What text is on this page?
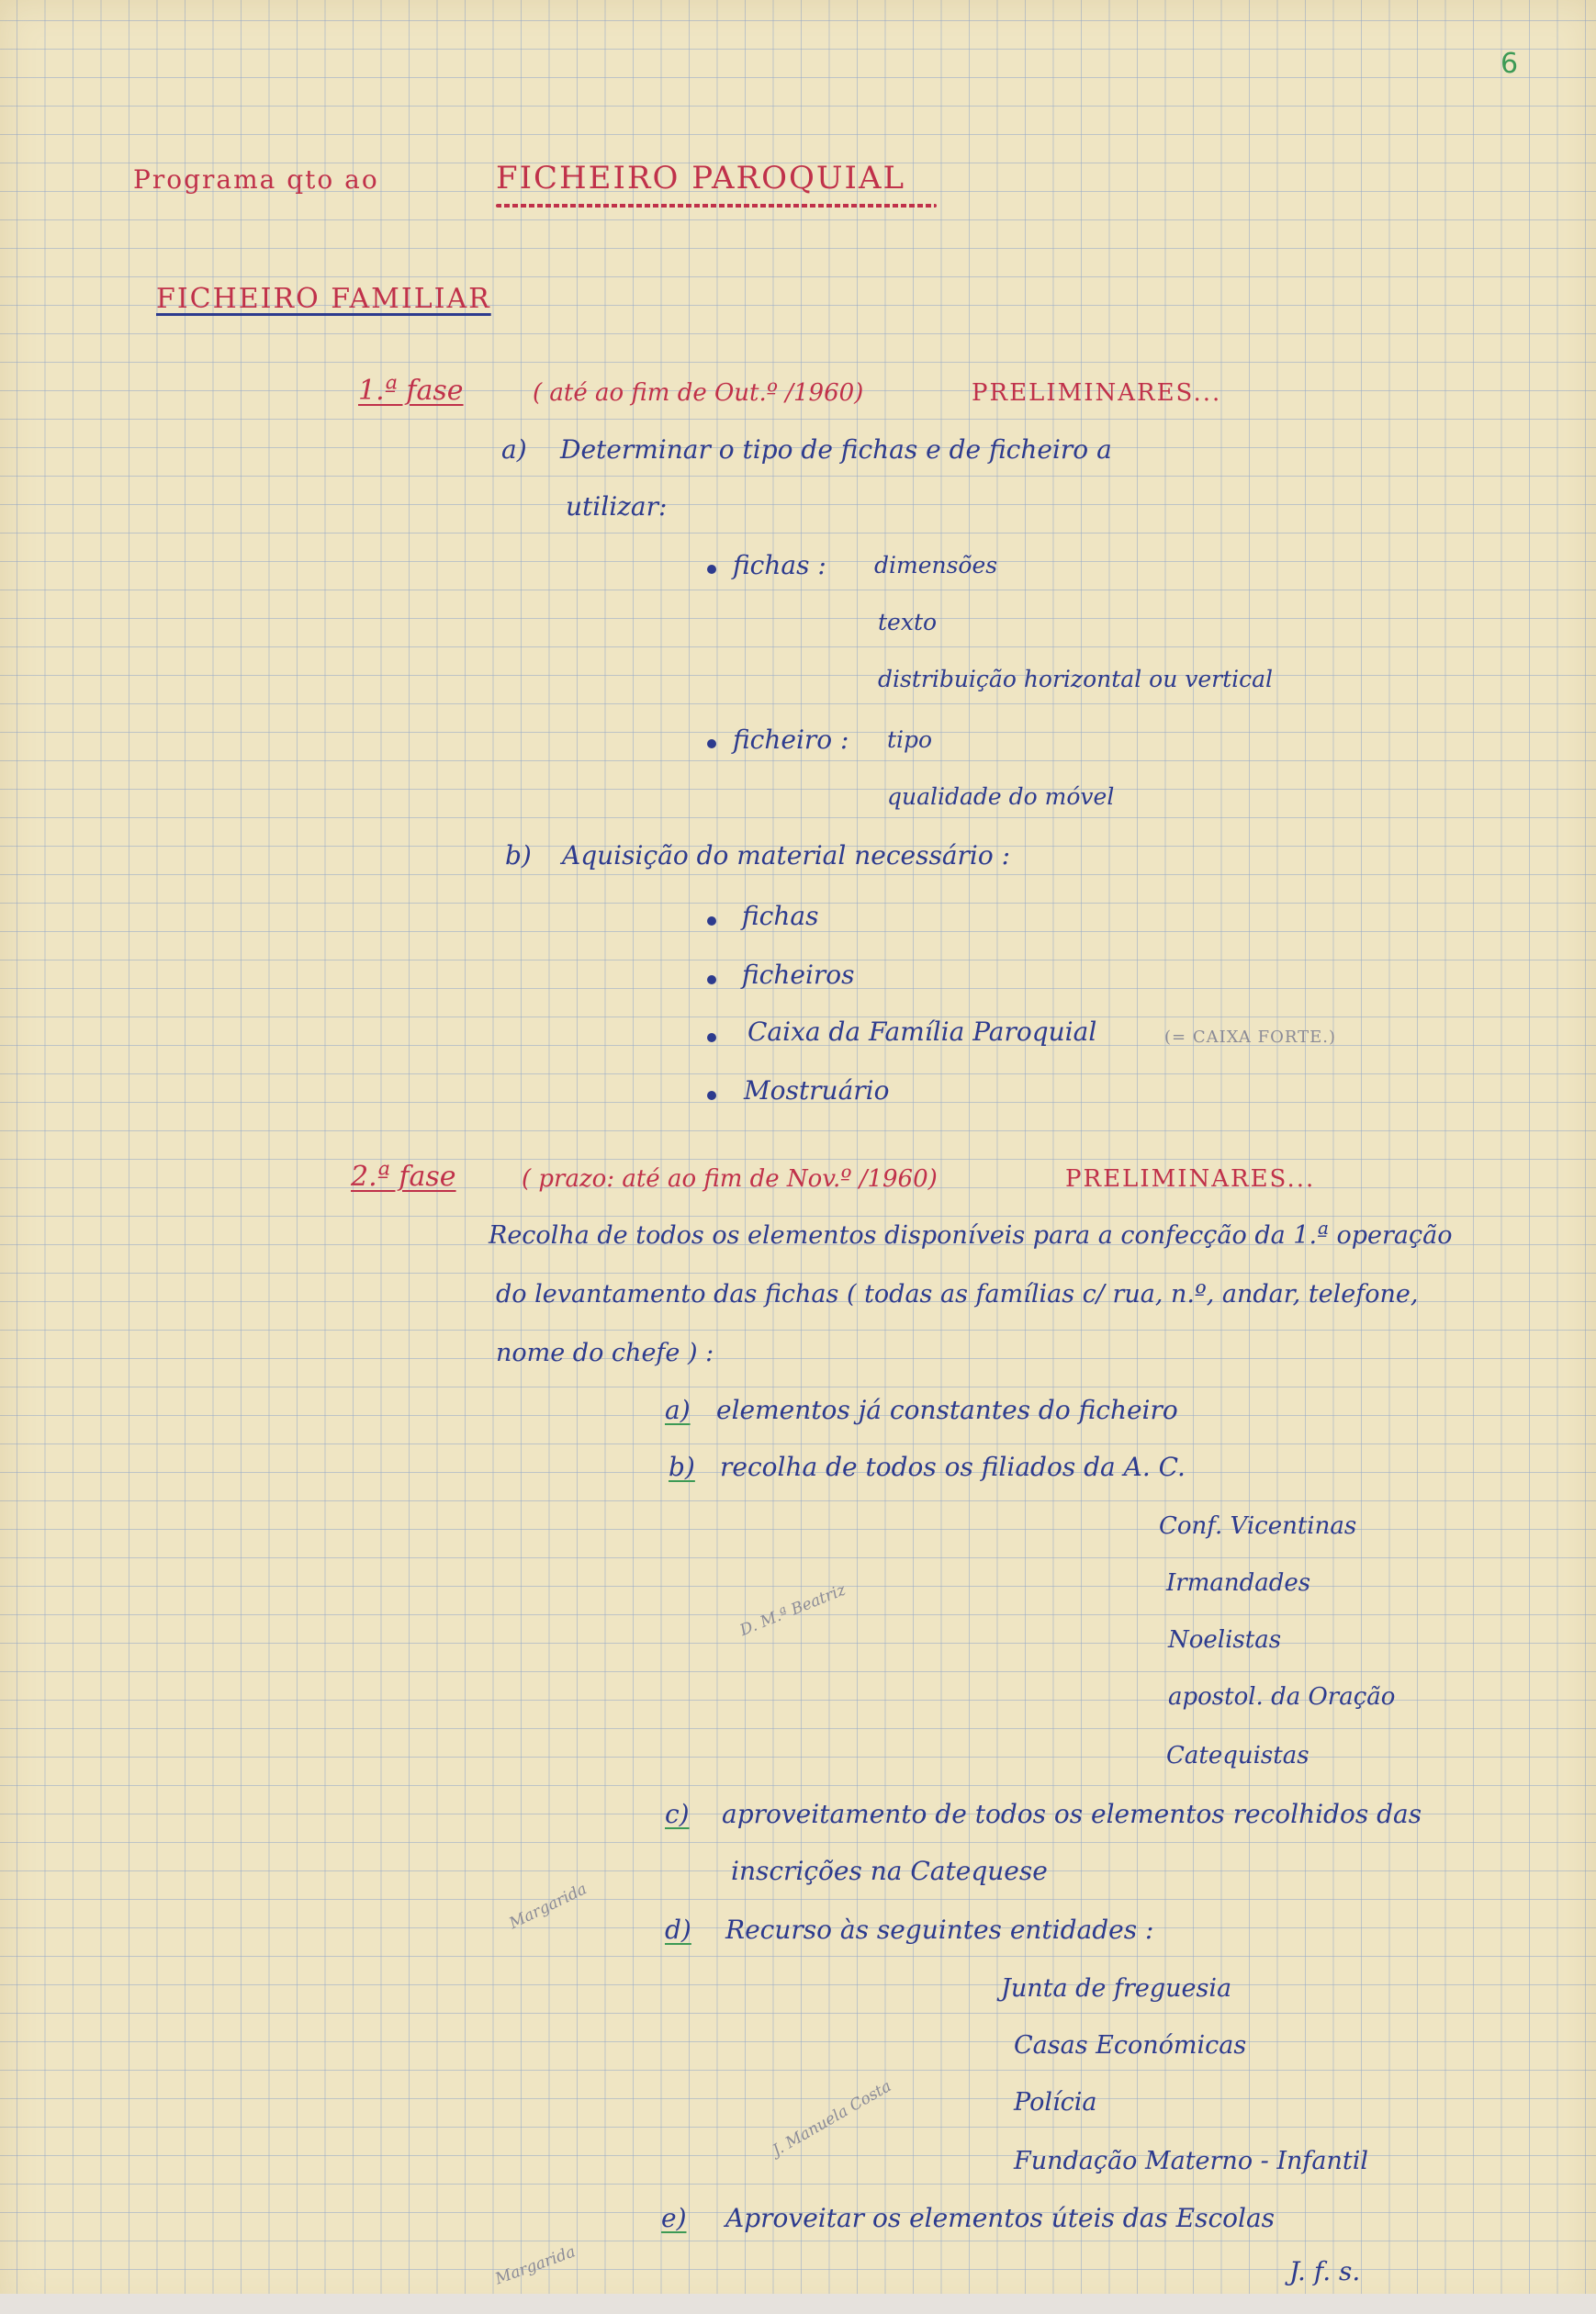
6
Programa qto ao	FICHEIRO PAROQUIAL
FICHEIRO FAMILIAR
1.ª fase	( até ao fim de Out.º /1960)	PRELIMINARES...
a) Determinar o tipo de fichas e de ficheiro a
utilizar:
fichas : dimensões
texto
distribuição horizontal ou vertical
ficheiro : tipo
qualidade do móvel
b) Aquisição do material necessário :
fichas
ficheiros
Caixa da Família Paroquial	(= CAIXA FORTE.)
Mostruário
2.ª fase	( prazo: até ao fim de Nov.º /1960)	PRELIMINARES...
Recolha de todos os elementos disponíveis para a confecção da 1.ª operação
do levantamento das fichas ( todas as famílias c/ rua, n.º, andar, telefone,
nome do chefe ) :
a) elementos já constantes do ficheiro
b) recolha de todos os filiados da A. C.
Conf. Vicentinas
Irmandades
Noelistas
apostol. da Oração
Catequistas
D. M.ª Beatriz
c) aproveitamento de todos os elementos recolhidos das
inscrições na Catequese
Margarida	d) Recurso às seguintes entidades :
Junta de freguesia
Casas Económicas
Polícia
Fundação Materno - Infantil
J. Manuela Costa
e) Aproveitar os elementos úteis das Escolas
Margarida	J. f. s.
